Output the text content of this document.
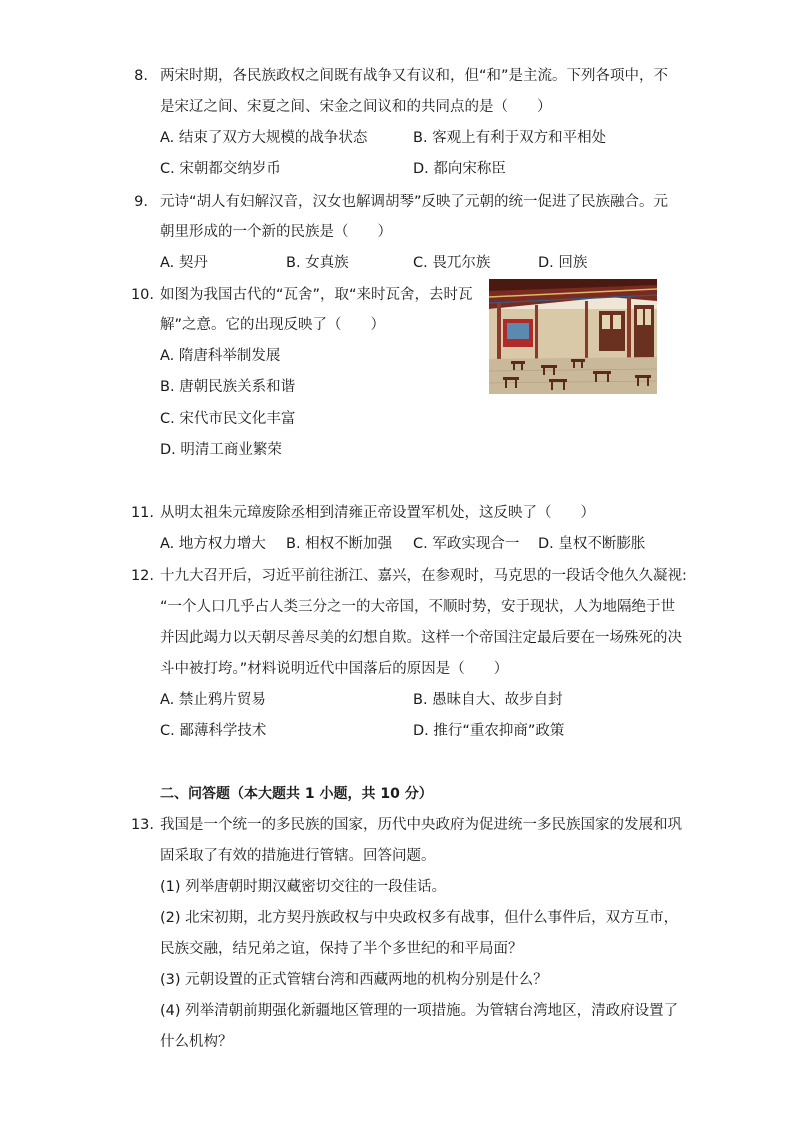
8. 两宋时期，各民族政权之间既有战争又有议和，但“和”是主流。下列各项中，不
是宋辽之间、宋夏之间、宋金之间议和的共同点的是（　　）
A. 结束了双方大规模的战争状态	B. 客观上有利于双方和平相处
C. 宋朝都交纳岁币	D. 都向宋称臣
9. 元诗“胡人有妇解汉音，汉女也解调胡琴”反映了元朝的统一促进了民族融合。元
朝里形成的一个新的民族是（　　）
A. 契丹	B. 女真族	C. 畏兀尔族	D. 回族
10. 如图为我国古代的“瓦舍”，取“来时瓦舍，去时瓦
解”之意。它的出现反映了（　　）
A. 隋唐科举制发展
B. 唐朝民族关系和谐
C. 宋代市民文化丰富
D. 明清工商业繁荣
11. 从明太祖朱元璋废除丞相到清雍正帝设置军机处，这反映了（　　）
A. 地方权力增大 B. 相权不断加强 C. 军政实现合一 D. 皇权不断膨胀
12. 十九大召开后，习近平前往浙江、嘉兴，在参观时，马克思的一段话令他久久凝视:
“一个人口几乎占人类三分之一的大帝国，不顺时势，安于现状，人为地隔绝于世
并因此竭力以天朝尽善尽美的幻想自欺。这样一个帝国注定最后要在一场殊死的决
斗中被打垮。”材料说明近代中国落后的原因是（　　）
A. 禁止鸦片贸易	B. 愚昧自大、故步自封
C. 鄙薄科学技术	D. 推行“重农抑商”政策
二、问答题（本大题共 1 小题，共 10 分）
13. 我国是一个统一的多民族的国家，历代中央政府为促进统一多民族国家的发展和巩
固采取了有效的措施进行管辖。回答问题。
(1) 列举唐朝时期汉藏密切交往的一段佳话。
(2) 北宋初期，北方契丹族政权与中央政权多有战事，但什么事件后，双方互市，
民族交融，结兄弟之谊，保持了半个多世纪的和平局面？
(3) 元朝设置的正式管辖台湾和西藏两地的机构分别是什么？
(4) 列举清朝前期强化新疆地区管理的一项措施。为管辖台湾地区，清政府设置了
什么机构？
